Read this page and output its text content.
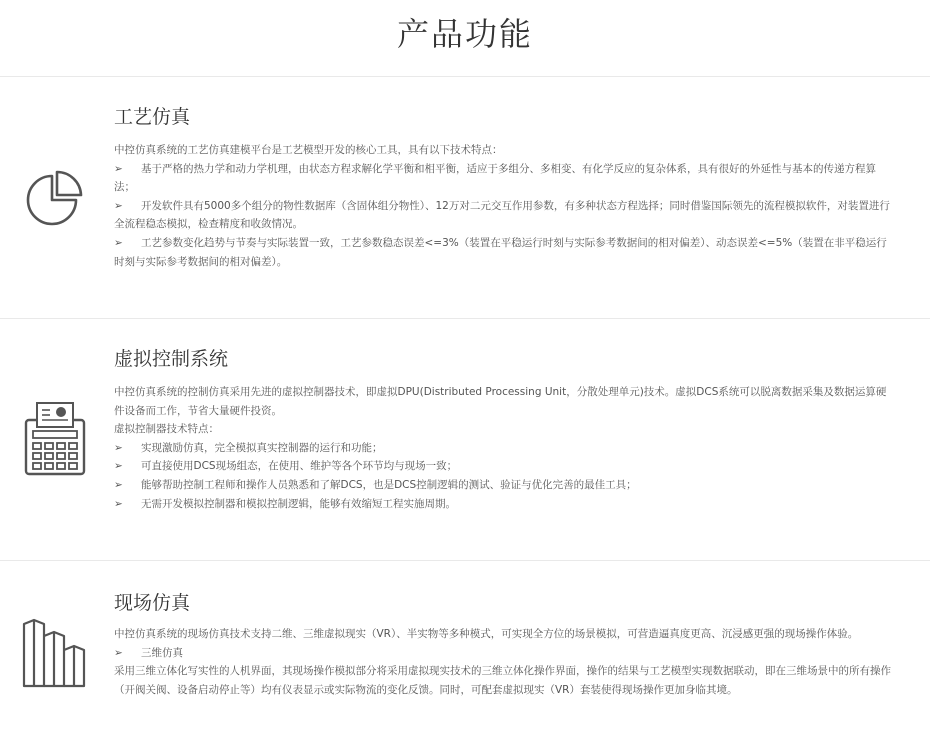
产品功能
工艺仿真

中控仿真系统的工艺仿真建模平台是工艺模型开发的核心工具，具有以下技术特点：

➢ 基于严格的热力学和动力学机理，由状态方程求解化学平衡和相平衡，适应于多组分、多相变、有化学反应的复杂体系，具有很好的外延性与基本的传递方程算法；

➢ 开发软件具有5000多个组分的物性数据库（含固体组分物性）、12万对二元交互作用参数，有多种状态方程选择；同时借鉴国际领先的流程模拟软件，对装置进行全流程稳态模拟，检查精度和收敛情况。

➢ 工艺参数变化趋势与节奏与实际装置一致，工艺参数稳态误差<=3%（装置在平稳运行时刻与实际参考数据间的相对偏差）、动态误差<=5%（装置在非平稳运行时刻与实际参考数据间的相对偏差）。

虚拟控制系统

中控仿真系统的控制仿真采用先进的虚拟控制器技术，即虚拟DPU(Distributed Processing Unit，分散处理单元)技术。虚拟DCS系统可以脱离数据采集及数据运算硬件设备而工作，节省大量硬件投资。

虚拟控制器技术特点：

➢ 实现激励仿真，完全模拟真实控制器的运行和功能；

➢ 可直接使用DCS现场组态，在使用、维护等各个环节均与现场一致；

➢ 能够帮助控制工程师和操作人员熟悉和了解DCS，也是DCS控制逻辑的测试、验证与优化完善的最佳工具；

➢ 无需开发模拟控制器和模拟控制逻辑，能够有效缩短工程实施周期。

现场仿真

中控仿真系统的现场仿真技术支持二维、三维虚拟现实（VR）、半实物等多种模式，可实现全方位的场景模拟，可营造逼真度更高、沉浸感更强的现场操作体验。

➢ 三维仿真

采用三维立体化写实性的人机界面，其现场操作模拟部分将采用虚拟现实技术的三维立体化操作界面，操作的结果与工艺模型实现数据联动，即在三维场景中的所有操作（开阀关阀、设备启动停止等）均有仪表显示或实际物流的变化反馈。同时，可配套虚拟现实（VR）套装使得现场操作更加身临其境。
